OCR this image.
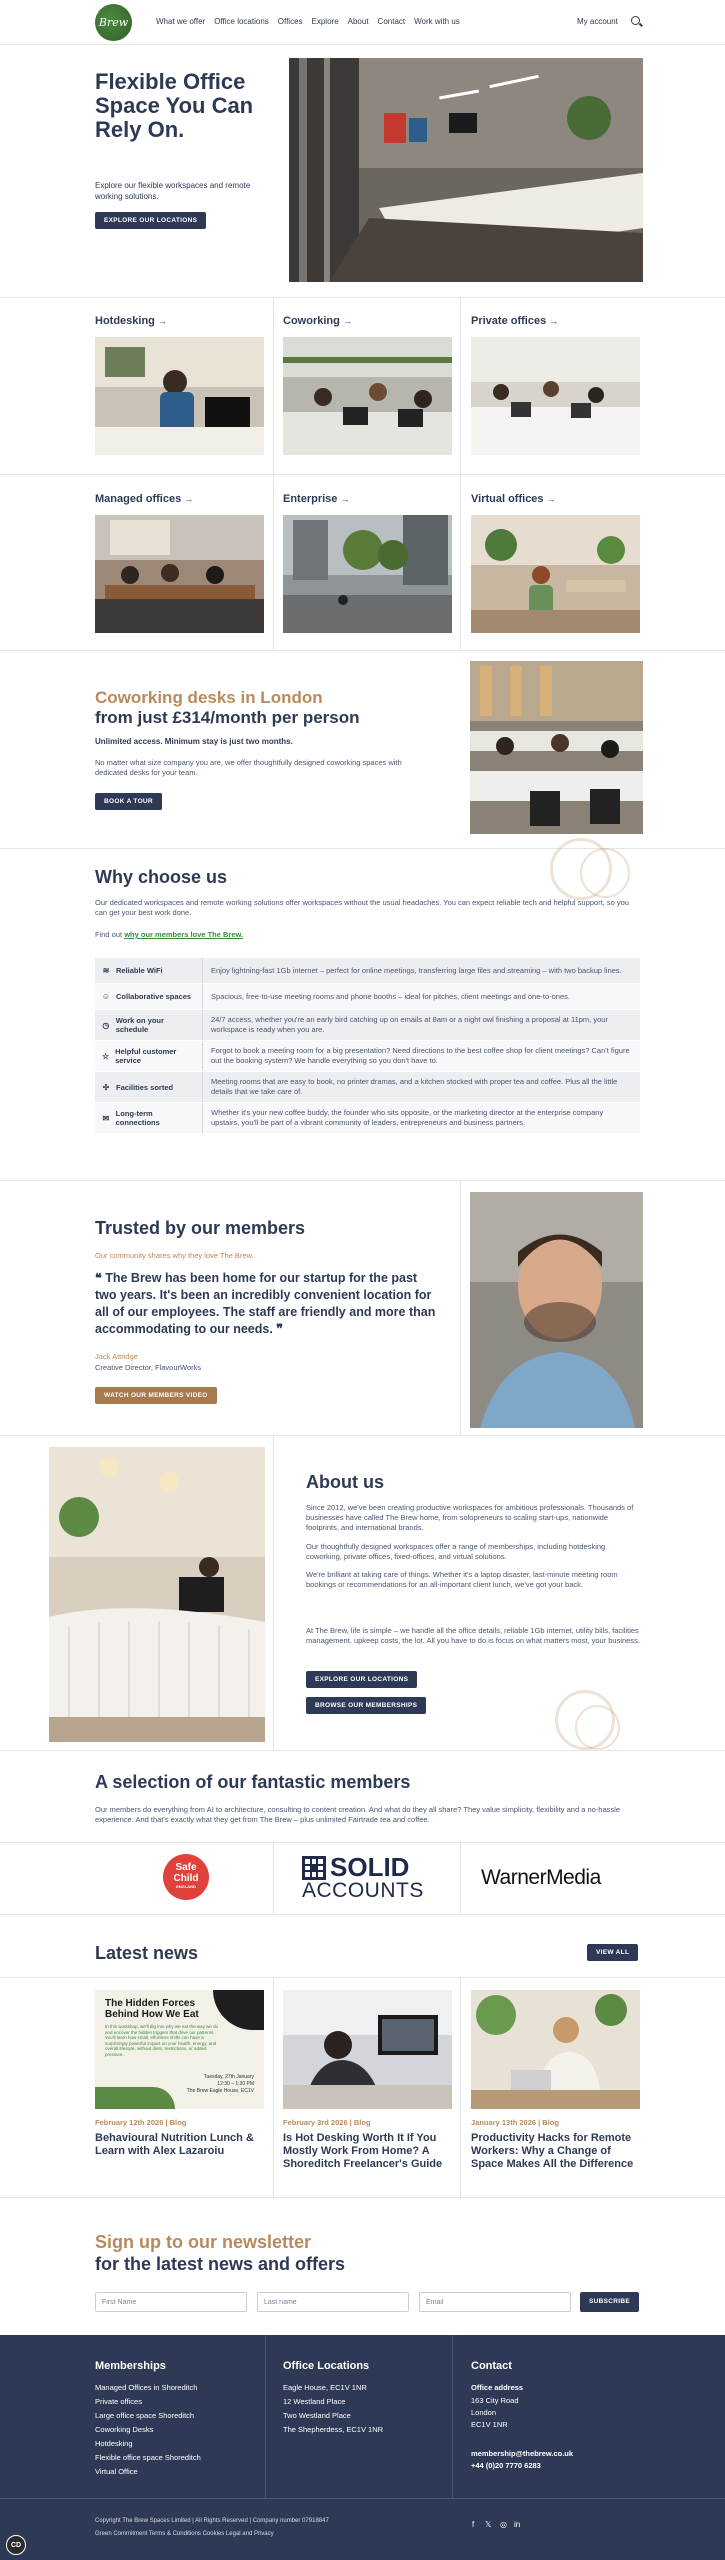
Brew	What we offer Office locations Offices Explore About Contact Work with us	My account
Flexible Office Space You Can Rely On.
Explore our flexible workspaces and remote working solutions.
EXPLORE OUR LOCATIONS
Hotdesking →	Coworking →	Private offices →
Managed offices →	Enterprise →	Virtual offices →
Coworking desks in London
from just £314/month per person
Unlimited access. Minimum stay is just two months.
No matter what size company you are, we offer thoughtfully designed coworking spaces with dedicated desks for your team.
BOOK A TOUR
Why choose us
Our dedicated workspaces and remote working solutions offer workspaces without the usual headaches. You can expect reliable tech and helpful support, so you can get your best work done.
Find out why our members love The Brew.
≋ Reliable WiFi	Enjoy lightning-fast 1Gb internet – perfect for online meetings, transferring large files and streaming – with two backup lines.
☺ Collaborative spaces	Spacious, free-to-use meeting rooms and phone booths – ideal for pitches, client meetings and one-to-ones.
◷ Work on your schedule
24/7 access, whether you're an early bird catching up on emails at 8am or a night owl finishing a proposal at 11pm, your workspace is ready when you are.
☆ Helpful customer service
Forgot to book a meeting room for a big presentation? Need directions to the best coffee shop for client meetings? Can't figure out the booking system? We handle everything so you don't have to.
✣ Facilities sorted
Meeting rooms that are easy to book, no printer dramas, and a kitchen stocked with proper tea and coffee. Plus all the little details that we take care of.
✉ Long-term connections
Whether it's your new coffee buddy, the founder who sits opposite, or the marketing director at the enterprise company upstairs, you'll be part of a vibrant community of leaders, entrepreneurs and business partners.
Trusted by our members
Our community shares why they love The Brew.
❝ The Brew has been home for our startup for the past two years. It's been an incredibly convenient location for all of our employees. The staff are friendly and more than accommodating to our needs. ❞
Jack Attridge
Creative Director, FlavourWorks
WATCH OUR MEMBERS VIDEO
About us
Since 2012, we've been creating productive workspaces for ambitious professionals. Thousands of businesses have called The Brew home, from solopreneurs to scaling start-ups, nationwide footprints, and international brands.
Our thoughtfully designed workspaces offer a range of memberships, including hotdesking coworking, private offices, fixed-offices, and virtual solutions.
We're brilliant at taking care of things. Whether it's a laptop disaster, last-minute meeting room bookings or recommendations for an all-important client lunch, we've got your back.
At The Brew, life is simple – we handle all the office details, reliable 1Gb internet, utility bills, facilities management, upkeep costs, the lot. All you have to do is focus on what matters most, your business.
EXPLORE OUR LOCATIONS
BROWSE OUR MEMBERSHIPS
A selection of our fantastic members
Our members do everything from AI to architecture, consulting to content creation. And what do they all share? They value simplicity, flexibility and a no-hassle experience. And that's exactly what they get from The Brew – plus unlimited Fairtrade tea and coffee.
Safe
Child
ENGLAND
SOLID
ACCOUNTS
WarnerMedia
Latest news	VIEW ALL
The Hidden Forces Behind How We Eat
In this workshop, we'll dig into why we eat the way we do and uncover the hidden triggers that drive our patterns. You'll learn how small, effortless shifts can have a surprisingly powerful impact on your health, energy, and overall lifestyle, without diets, restrictions, or added pressure.
Tuesday, 27th January
12:30 – 1:30 PM
The Brew Eagle House, EC1V
February 12th 2026 | Blog	February 3rd 2026 | Blog	January 13th 2026 | Blog
Behavioural Nutrition Lunch & Learn with Alex Lazaroiu
Is Hot Desking Worth It If You Mostly Work From Home? A Shoreditch Freelancer's Guide
Productivity Hacks for Remote Workers: Why a Change of Space Makes All the Difference
Sign up to our newsletter
for the latest news and offers
First Name
Last name
Email
SUBSCRIBE
Memberships
Managed Offices in Shoreditch
Private offices
Large office space Shoreditch
Coworking Desks
Hotdesking
Flexible office space Shoreditch
Virtual Office
Office Locations
Eagle House, EC1V 1NR
12 Westland Place
Two Westland Place
The Shepherdess, EC1V 1NR
Contact
Office address
163 City Road
London
EC1V 1NR
membership@thebrew.co.uk
+44 (0)20 7770 6283
Copyright The Brew Spaces Limited | All Rights Reserved | Company number 07918847
Green Commitment Terms & Conditions Cookies Legal and Privacy
f 𝕏 ◎ in
CD
